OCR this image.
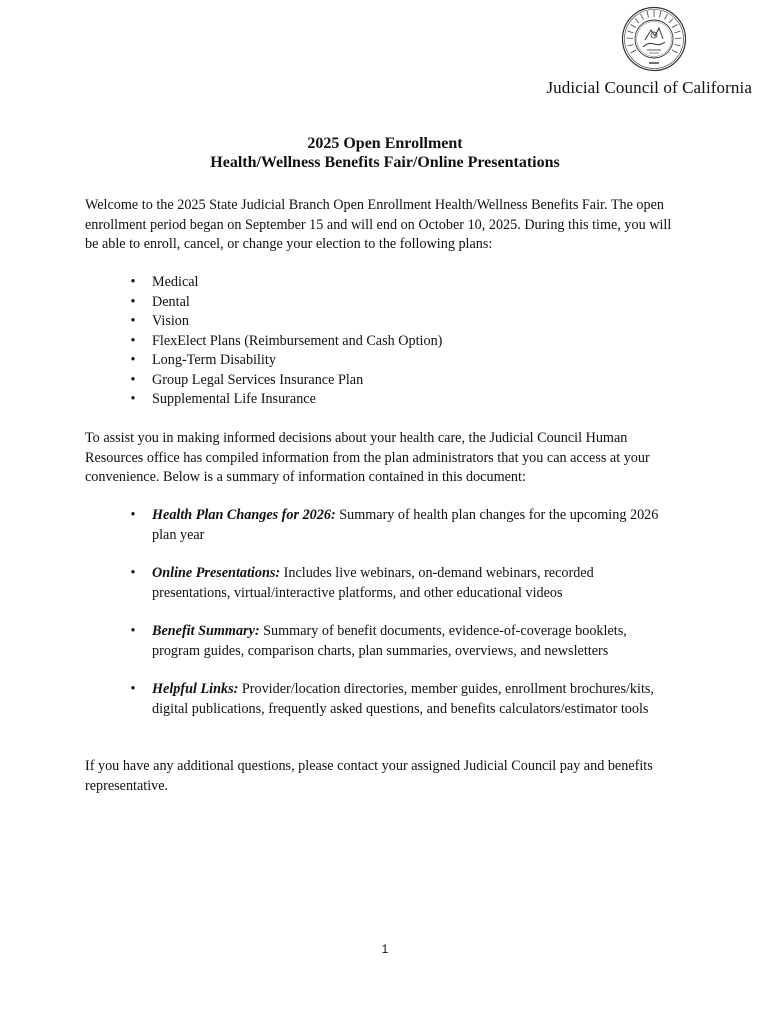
Judicial Council of California
2025 Open Enrollment
Health/Wellness Benefits Fair/Online Presentations

Welcome to the 2025 State Judicial Branch Open Enrollment Health/Wellness Benefits Fair. The open enrollment period began on September 15 and will end on October 10, 2025. During this time, you will be able to enroll, cancel, or change your election to the following plans:

• Medical
• Dental
• Vision
• FlexElect Plans (Reimbursement and Cash Option)
• Long-Term Disability
• Group Legal Services Insurance Plan
• Supplemental Life Insurance

To assist you in making informed decisions about your health care, the Judicial Council Human Resources office has compiled information from the plan administrators that you can access at your convenience. Below is a summary of information contained in this document:

• Health Plan Changes for 2026: Summary of health plan changes for the upcoming 2026 plan year
• Online Presentations: Includes live webinars, on-demand webinars, recorded presentations, virtual/interactive platforms, and other educational videos
• Benefit Summary: Summary of benefit documents, evidence-of-coverage booklets, program guides, comparison charts, plan summaries, overviews, and newsletters
• Helpful Links: Provider/location directories, member guides, enrollment brochures/kits, digital publications, frequently asked questions, and benefits calculators/estimator tools

If you have any additional questions, please contact your assigned Judicial Council pay and benefits representative.

1
